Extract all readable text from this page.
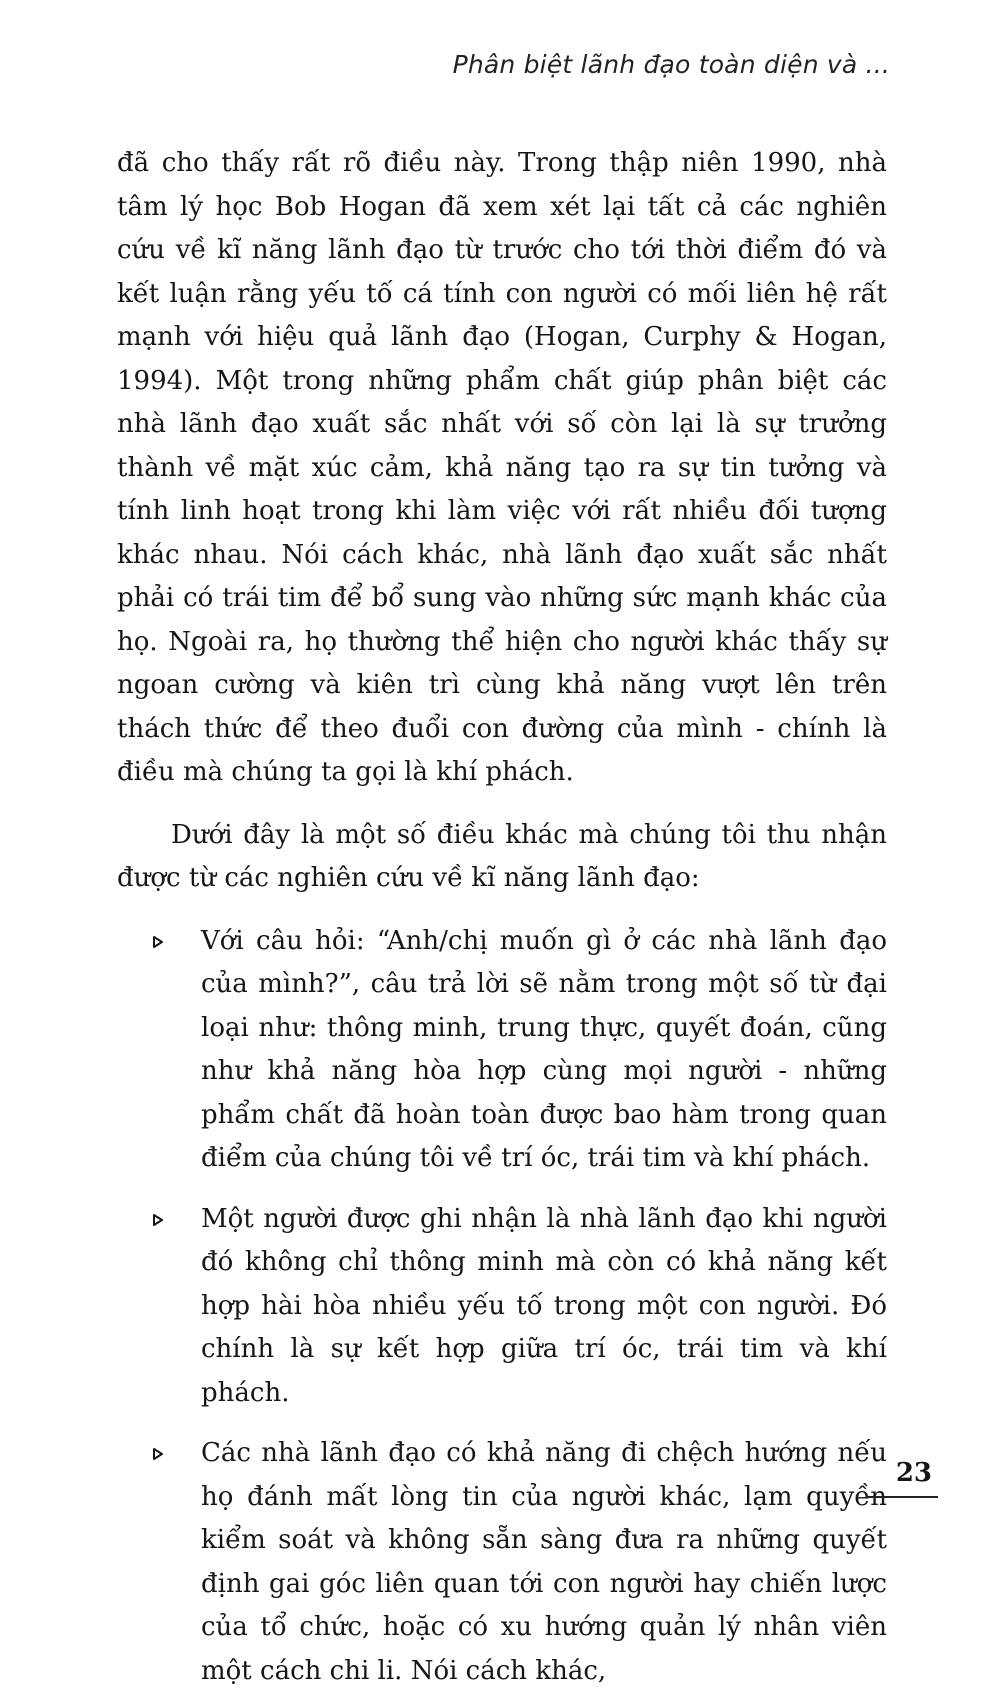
Phân biệt lãnh đạo toàn diện và ...

đã cho thấy rất rõ điều này. Trong thập niên 1990, nhà tâm lý học Bob Hogan đã xem xét lại tất cả các nghiên cứu về kĩ năng lãnh đạo từ trước cho tới thời điểm đó và kết luận rằng yếu tố cá tính con người có mối liên hệ rất mạnh với hiệu quả lãnh đạo (Hogan, Curphy & Hogan, 1994). Một trong những phẩm chất giúp phân biệt các nhà lãnh đạo xuất sắc nhất với số còn lại là sự trưởng thành về mặt xúc cảm, khả năng tạo ra sự tin tưởng và tính linh hoạt trong khi làm việc với rất nhiều đối tượng khác nhau. Nói cách khác, nhà lãnh đạo xuất sắc nhất phải có trái tim để bổ sung vào những sức mạnh khác của họ. Ngoài ra, họ thường thể hiện cho người khác thấy sự ngoan cường và kiên trì cùng khả năng vượt lên trên thách thức để theo đuổi con đường của mình - chính là điều mà chúng ta gọi là khí phách.

Dưới đây là một số điều khác mà chúng tôi thu nhận được từ các nghiên cứu về kĩ năng lãnh đạo:

Với câu hỏi: “Anh/chị muốn gì ở các nhà lãnh đạo của mình?”, câu trả lời sẽ nằm trong một số từ đại loại như: thông minh, trung thực, quyết đoán, cũng như khả năng hòa hợp cùng mọi người - những phẩm chất đã hoàn toàn được bao hàm trong quan điểm của chúng tôi về trí óc, trái tim và khí phách.
Một người được ghi nhận là nhà lãnh đạo khi người đó không chỉ thông minh mà còn có khả năng kết hợp hài hòa nhiều yếu tố trong một con người. Đó chính là sự kết hợp giữa trí óc, trái tim và khí phách.
Các nhà lãnh đạo có khả năng đi chệch hướng nếu họ đánh mất lòng tin của người khác, lạm quyền kiểm soát và không sẵn sàng đưa ra những quyết định gai góc liên quan tới con người hay chiến lược của tổ chức, hoặc có xu hướng quản lý nhân viên một cách chi li. Nói cách khác,
23
